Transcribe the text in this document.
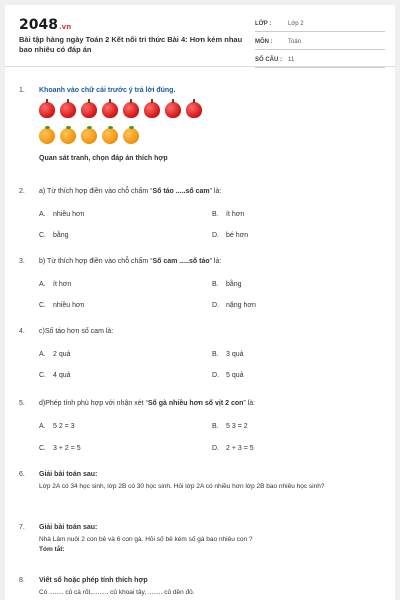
2048.vn
Bài tập hàng ngày Toán 2 Kết nối tri thức Bài 4: Hơn kém nhau bao nhiêu có đáp án
LỚP :	Lớp 2
MÔN :	Toán
SỐ CÂU :	11
1. Khoanh vào chữ cái trước ý trả lời đúng.
Quan sát tranh, chọn đáp án thích hợp
2. a) Từ thích hợp điền vào chỗ chấm “Số táo .....số cam” là:
A. nhiều hơn	B. ít hơn
C. bằng	D. bé hơn
3. b) Từ thích hợp điền vào chỗ chấm “Số cam .....số táo” là:
A. ít hơn	B. bằng
C. nhiều hơn	D. nặng hơn
4. c)Số táo hơn số cam là:
A. 2 quả	B. 3 quả
C. 4 quả	D. 5 quả
5. d)Phép tính phù hợp với nhận xét “Số gà nhiều hơn số vịt 2 con” là:
A. 5 2 = 3	B. 5 3 = 2
C. 3 + 2 = 5	D. 2 + 3 = 5
6. Giải bài toán sau:
Lớp 2A có 34 học sinh, lớp 2B có 30 học sinh. Hỏi lớp 2A có nhiều hơn lớp 2B bao nhiêu học sinh?
7. Giải bài toán sau:
Nhà Lâm nuôi 2 con bê và 6 con gà. Hỏi số bê kém số gà bao nhiêu con ?
Tóm tắt:
8. Viết số hoặc phép tính thích hợp
Có ........ củ cà rốt,......... củ khoai tây, ........ củ dền đỏ.
